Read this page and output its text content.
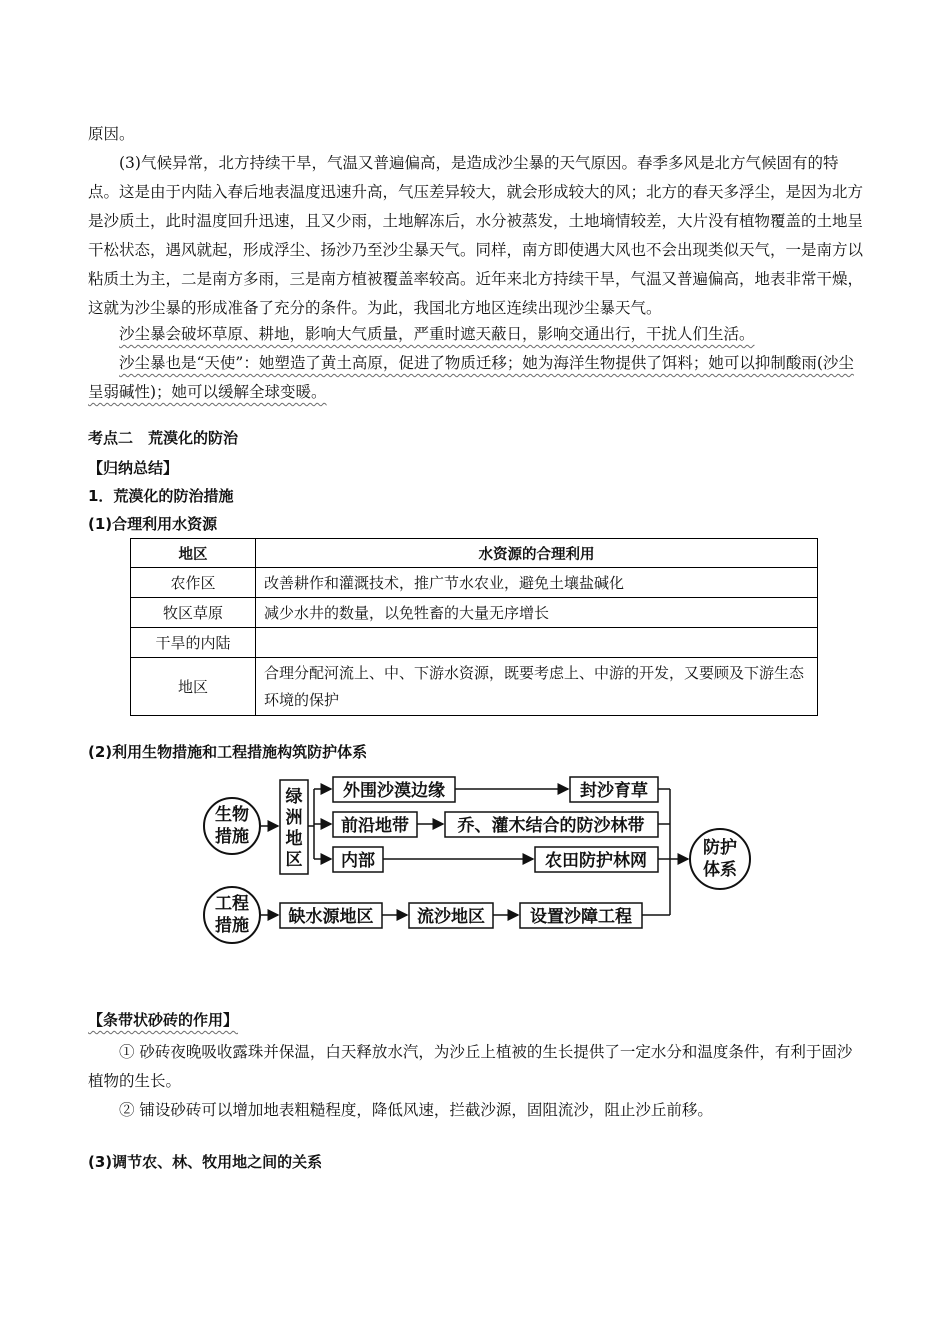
原因。

(3)气候异常，北方持续干旱，气温又普遍偏高，是造成沙尘暴的天气原因。春季多风是北方气候固有的特点。这是由于内陆入春后地表温度迅速升高，气压差异较大，就会形成较大的风；北方的春天多浮尘，是因为北方是沙质土，此时温度回升迅速，且又少雨，土地解冻后，水分被蒸发，土地墒情较差，大片没有植物覆盖的土地呈干松状态，遇风就起，形成浮尘、扬沙乃至沙尘暴天气。同样，南方即使遇大风也不会出现类似天气，一是南方以粘质土为主，二是南方多雨，三是南方植被覆盖率较高。近年来北方持续干旱，气温又普遍偏高，地表非常干燥，这就为沙尘暴的形成准备了充分的条件。为此，我国北方地区连续出现沙尘暴天气。

沙尘暴会破坏草原、耕地，影响大气质量，严重时遮天蔽日，影响交通出行，干扰人们生活。

沙尘暴也是“天使”：她塑造了黄土高原，促进了物质迁移；她为海洋生物提供了饵料；她可以抑制酸雨(沙尘呈弱碱性)；她可以缓解全球变暖。

考点二　荒漠化的防治

【归纳总结】

1．荒漠化的防治措施

(1)合理利用水资源

地区	水资源的合理利用
农作区	改善耕作和灌溉技术，推广节水农业，避免土壤盐碱化
牧区草原	减少水井的数量，以免牲畜的大量无序增长
干旱的内陆	
地区	合理分配河流上、中、下游水资源，既要考虑上、中游的开发，又要顾及下游生态环境的保护

(2)利用生物措施和工程措施构筑防护体系

生物
措施
绿
洲
地
区
外围沙漠边缘
前沿地带
内部
封沙育草
乔、灌木结合的防沙林带
农田防护林网
防护
体系
工程
措施 缺水源地区	流沙地区	设置沙障工程

【条带状砂砖的作用】

① 砂砖夜晚吸收露珠并保温，白天释放水汽，为沙丘上植被的生长提供了一定水分和温度条件，有利于固沙植物的生长。

② 铺设砂砖可以增加地表粗糙程度，降低风速，拦截沙源，固阻流沙，阻止沙丘前移。

(3)调节农、林、牧用地之间的关系
